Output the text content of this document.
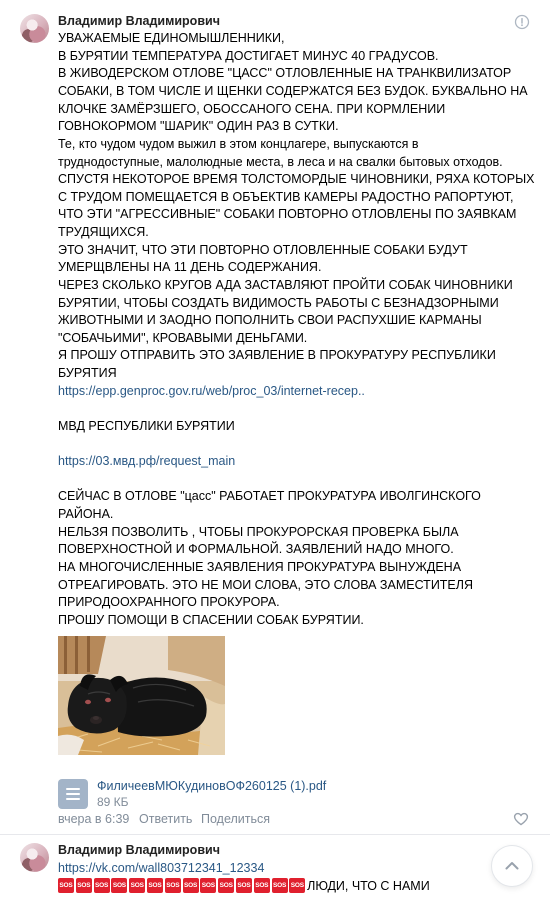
Владимир Владимирович
УВАЖАЕМЫЕ ЕДИНОМЫШЛЕННИКИ,
В БУРЯТИИ ТЕМПЕРАТУРА ДОСТИГАЕТ МИНУС 40 ГРАДУСОВ.
В ЖИВОДЕРСКОМ ОТЛОВЕ "ЦАСС" ОТЛОВЛЕННЫЕ НА ТРАНКВИЛИЗАТОР
СОБАКИ, В ТОМ ЧИСЛЕ И ЩЕНКИ СОДЕРЖАТСЯ БЕЗ БУДОК. БУКВАЛЬНО НА
КЛОЧКЕ ЗАМЁРЗШЕГО, ОБОССАНОГО СЕНА. ПРИ КОРМЛЕНИИ
ГОВНОКОРМОМ "ШАРИК" ОДИН РАЗ В СУТКИ.
Те, кто чудом чудом выжил в этом концлагере, выпускаются в
труднодоступные, малолюдные места, в леса и на свалки бытовых отходов.
СПУСТЯ НЕКОТОРОЕ ВРЕМЯ ТОЛСТОМОРДЫЕ ЧИНОВНИКИ, РЯХА КОТОРЫХ
С ТРУДОМ ПОМЕЩАЕТСЯ В ОБЪЕКТИВ КАМЕРЫ РАДОСТНО РАПОРТУЮТ,
ЧТО ЭТИ "АГРЕССИВНЫЕ" СОБАКИ ПОВТОРНО ОТЛОВЛЕНЫ ПО ЗАЯВКАМ
ТРУДЯЩИХСЯ.
ЭТО ЗНАЧИТ, ЧТО ЭТИ ПОВТОРНО ОТЛОВЛЕННЫЕ СОБАКИ БУДУТ
УМЕРЩВЛЕНЫ НА 11 ДЕНЬ СОДЕРЖАНИЯ.
ЧЕРЕЗ СКОЛЬКО КРУГОВ АДА ЗАСТАВЛЯЮТ ПРОЙТИ СОБАК ЧИНОВНИКИ
БУРЯТИИ, ЧТОБЫ СОЗДАТЬ ВИДИМОСТЬ РАБОТЫ С БЕЗНАДЗОРНЫМИ
ЖИВОТНЫМИ И ЗАОДНО ПОПОЛНИТЬ СВОИ РАСПУХШИЕ КАРМАНЫ
"СОБАЧЬИМИ", КРОВАВЫМИ ДЕНЬГАМИ.
Я ПРОШУ ОТПРАВИТЬ ЭТО ЗАЯВЛЕНИЕ В ПРОКУРАТУРУ РЕСПУБЛИКИ
БУРЯТИЯ
https://epp.genproc.gov.ru/web/proc_03/internet-recep..
МВД РЕСПУБЛИКИ БУРЯТИИ
https://03.мвд.рф/request_main
СЕЙЧАС В ОТЛОВЕ "цасс" РАБОТАЕТ ПРОКУРАТУРА ИВОЛГИНСКОГО
РАЙОНА.
НЕЛЬЗЯ ПОЗВОЛИТЬ , ЧТОБЫ ПРОКУРОРСКАЯ ПРОВЕРКА БЫЛА
ПОВЕРХНОСТНОЙ И ФОРМАЛЬНОЙ. ЗАЯВЛЕНИЙ НАДО МНОГО.
НА МНОГОЧИСЛЕННЫЕ ЗАЯВЛЕНИЯ ПРОКУРАТУРА ВЫНУЖДЕНА
ОТРЕАГИРОВАТЬ. ЭТО НЕ МОИ СЛОВА, ЭТО СЛОВА ЗАМЕСТИТЕЛЯ
ПРИРОДООХРАННОГО ПРОКУРОРА.
ПРОШУ ПОМОЩИ В СПАСЕНИИ СОБАК БУРЯТИИ.
ФиличеевМЮКудиновОФ260125 (1).pdf
89 КБ
вчера в 6:39 Ответить Поделиться
Владимир Владимирович
https://vk.com/wall803712341_12334
SOS SOS SOS SOS SOS SOS SOS SOS SOS SOS SOS SOS SOS SOS ЛЮДИ, ЧТО С НАМИ
